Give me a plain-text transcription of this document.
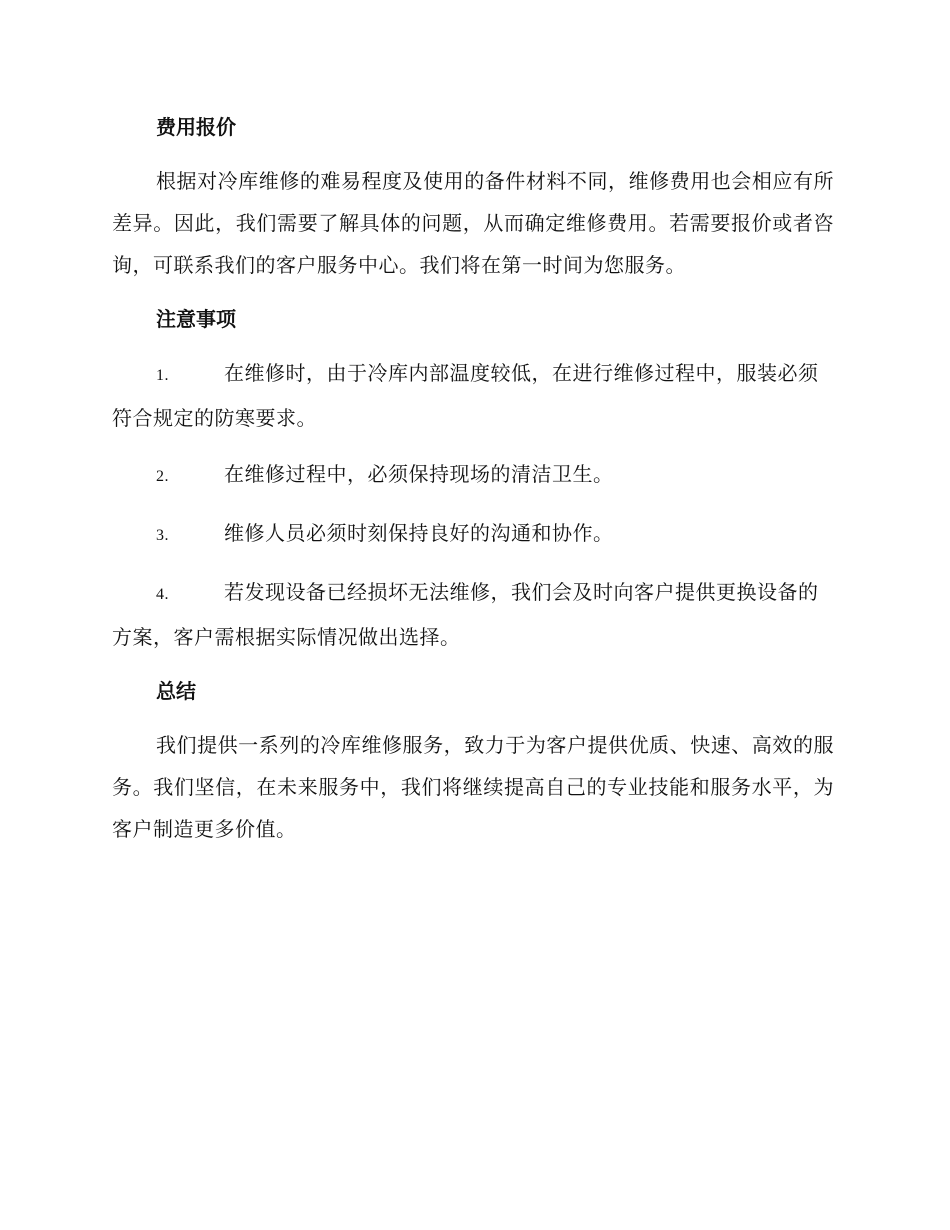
费用报价

根据对冷库维修的难易程度及使用的备件材料不同，维修费用也会相应有所差异。因此，我们需要了解具体的问题，从而确定维修费用。若需要报价或者咨询，可联系我们的客户服务中心。我们将在第一时间为您服务。

注意事项

1.	在维修时，由于冷库内部温度较低，在进行维修过程中，服装必须符合规定的防寒要求。

2.	在维修过程中，必须保持现场的清洁卫生。

3.	维修人员必须时刻保持良好的沟通和协作。

4.	若发现设备已经损坏无法维修，我们会及时向客户提供更换设备的方案，客户需根据实际情况做出选择。

总结

我们提供一系列的冷库维修服务，致力于为客户提供优质、快速、高效的服务。我们坚信，在未来服务中，我们将继续提高自己的专业技能和服务水平，为客户制造更多价值。
